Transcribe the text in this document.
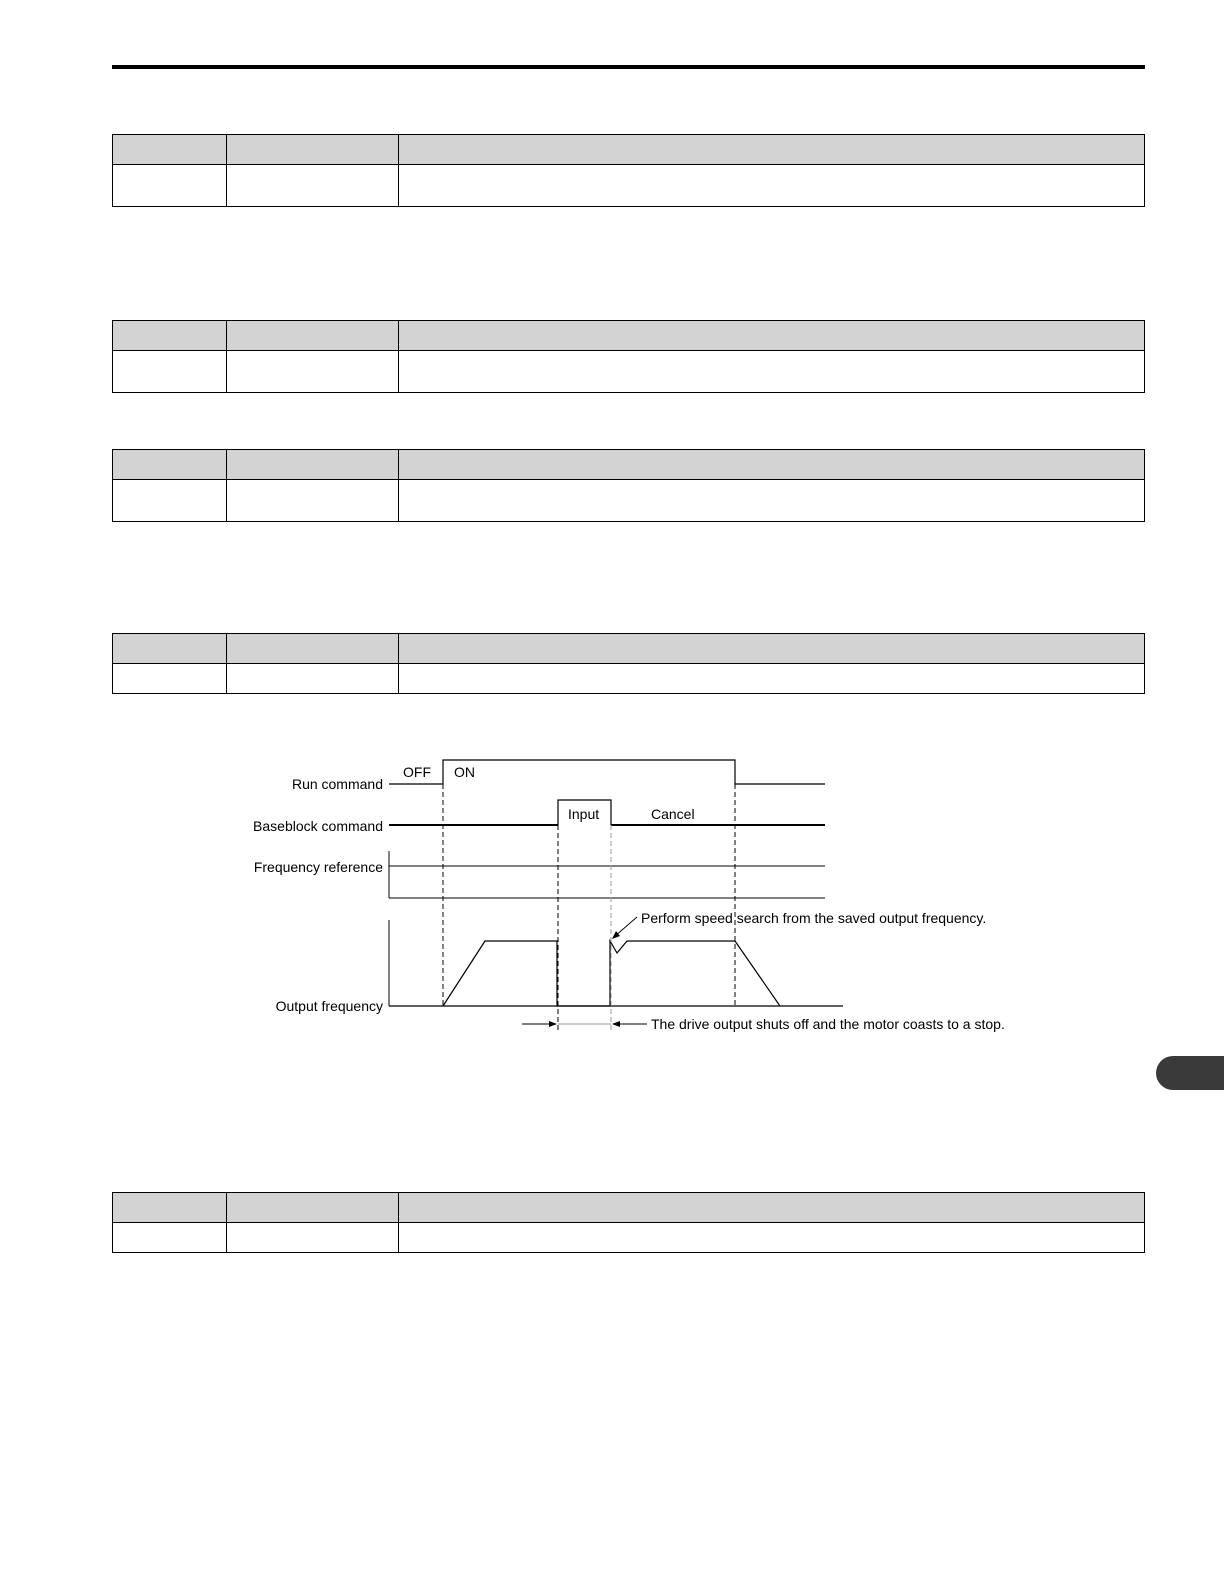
Run command
Baseblock command
Frequency reference
Output frequency
OFF ON
Input	Cancel
Perform speed search from the saved output frequency.
The drive output shuts off and the motor coasts to a stop.
